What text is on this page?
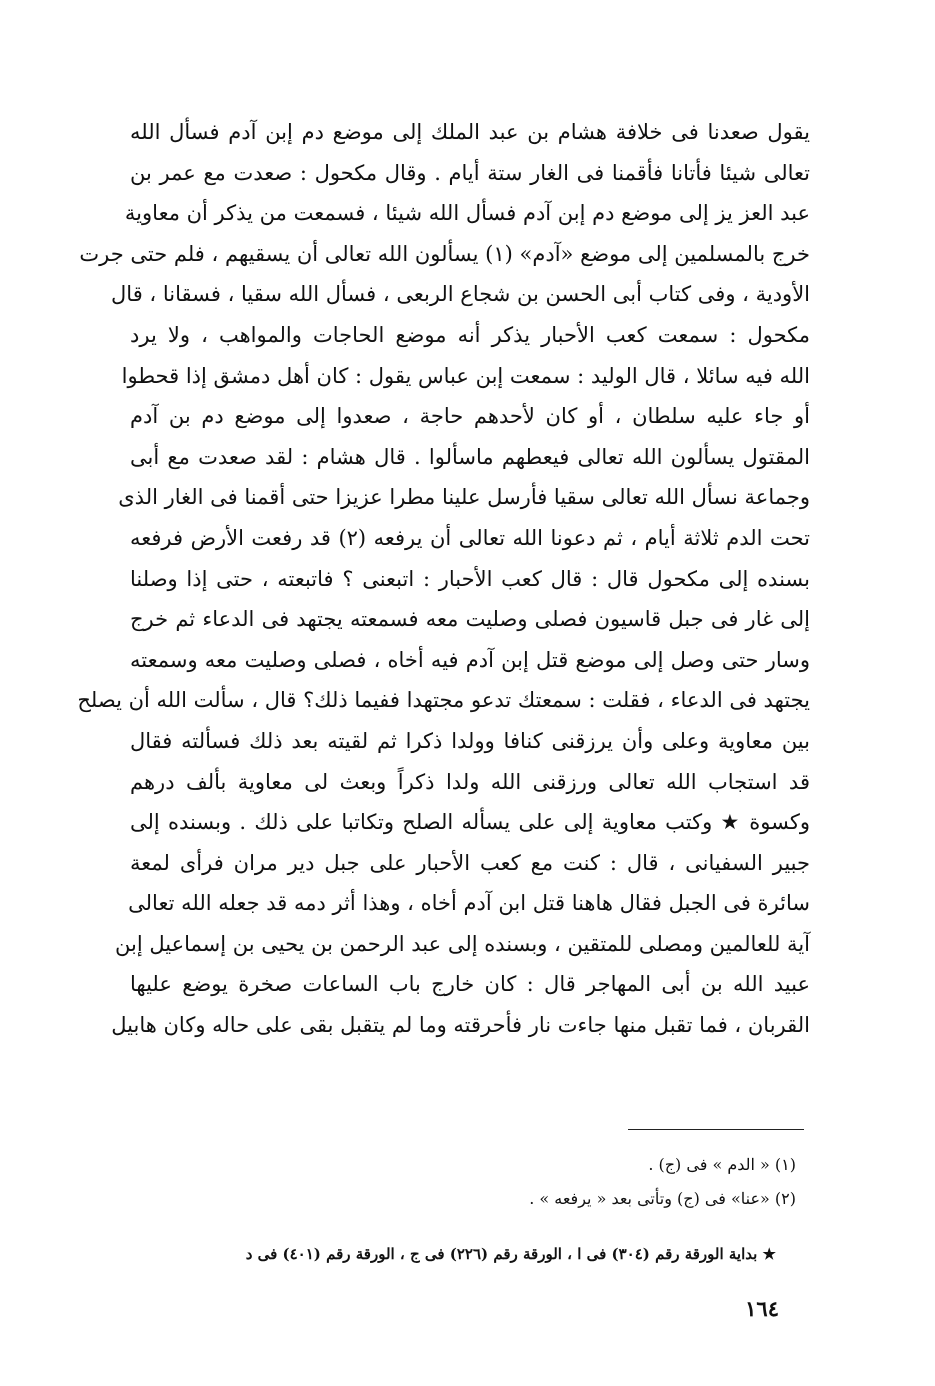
يقول صعدنا فى خلافة هشام بن عبد الملك إلى موضع دم إبن آدم فسأل الله
تعالى شيئا فأتانا فأقمنا فى الغار ستة أيام . وقال مكحول : صعدت مع عمر بن
عبد العز يز إلى موضع دم إبن آدم فسأل الله شيئا ، فسمعت من يذكر أن معاوية
خرج بالمسلمين إلى موضع «آدم» (١) يسألون الله تعالى أن يسقيهم ، فلم حتى جرت
الأودية ، وفى كتاب أبى الحسن بن شجاع الربعى ، فسأل الله سقيا ، فسقانا ، قال
مكحول : سمعت كعب الأحبار يذكر أنه موضع الحاجات والمواهب ، ولا يرد
الله فيه سائلا ، قال الوليد : سمعت إبن عباس يقول : كان أهل دمشق إذا قحطوا
أو جاء عليه سلطان ، أو كان لأحدهم حاجة ، صعدوا إلى موضع دم بن آدم
المقتول يسألون الله تعالى فيعطهم ماسألوا . قال هشام : لقد صعدت مع أبى
وجماعة نسأل الله تعالى سقيا فأرسل علينا مطرا عزيزا حتى أقمنا فى الغار الذى
تحت الدم ثلاثة أيام ، ثم دعونا الله تعالى أن يرفعه (٢) قد رفعت الأرض فرفعه
بسنده إلى مكحول قال : قال كعب الأحبار : اتبعنى ؟ فاتبعته ، حتى إذا وصلنا
إلى غار فى جبل قاسيون فصلى وصليت معه فسمعته يجتهد فى الدعاء ثم خرج
وسار حتى وصل إلى موضع قتل إبن آدم فيه أخاه ، فصلى وصليت معه وسمعته
يجتهد فى الدعاء ، فقلت : سمعتك تدعو مجتهدا ففيما ذلك؟ قال ، سألت الله أن يصلح
بين معاوية وعلى وأن يرزقنى كنافا وولدا ذكرا ثم لقيته بعد ذلك فسألته فقال
قد استجاب الله تعالى ورزقنى الله ولدا ذكراً وبعث لى معاوية بألف درهم
وكسوة ★ وكتب معاوية إلى على يسأله الصلح وتكاتبا على ذلك . وبسنده إلى
جبير السفيانى ، قال : كنت مع كعب الأحبار على جبل دير مران فرأى لمعة
سائرة فى الجبل فقال هاهنا قتل ابن آدم أخاه ، وهذا أثر دمه قد جعله الله تعالى
آية للعالمين ومصلى للمتقين ، وبسنده إلى عبد الرحمن بن يحيى بن إسماعيل إبن
عبيد الله بن أبى المهاجر قال : كان خارج باب الساعات صخرة يوضع عليها
القربان ، فما تقبل منها جاءت نار فأحرقته وما لم يتقبل بقى على حاله وكان هابيل
(١) « الدم » فى (ج) .
(٢) «عنا» فى (ج) وتأتى بعد « يرفعه » .
★ بداية الورقة رقم (٣٠٤) فى ا ، الورقة رقم (٢٢٦) فى ج ، الورقة رقم (٤٠١) فى د
١٦٤
